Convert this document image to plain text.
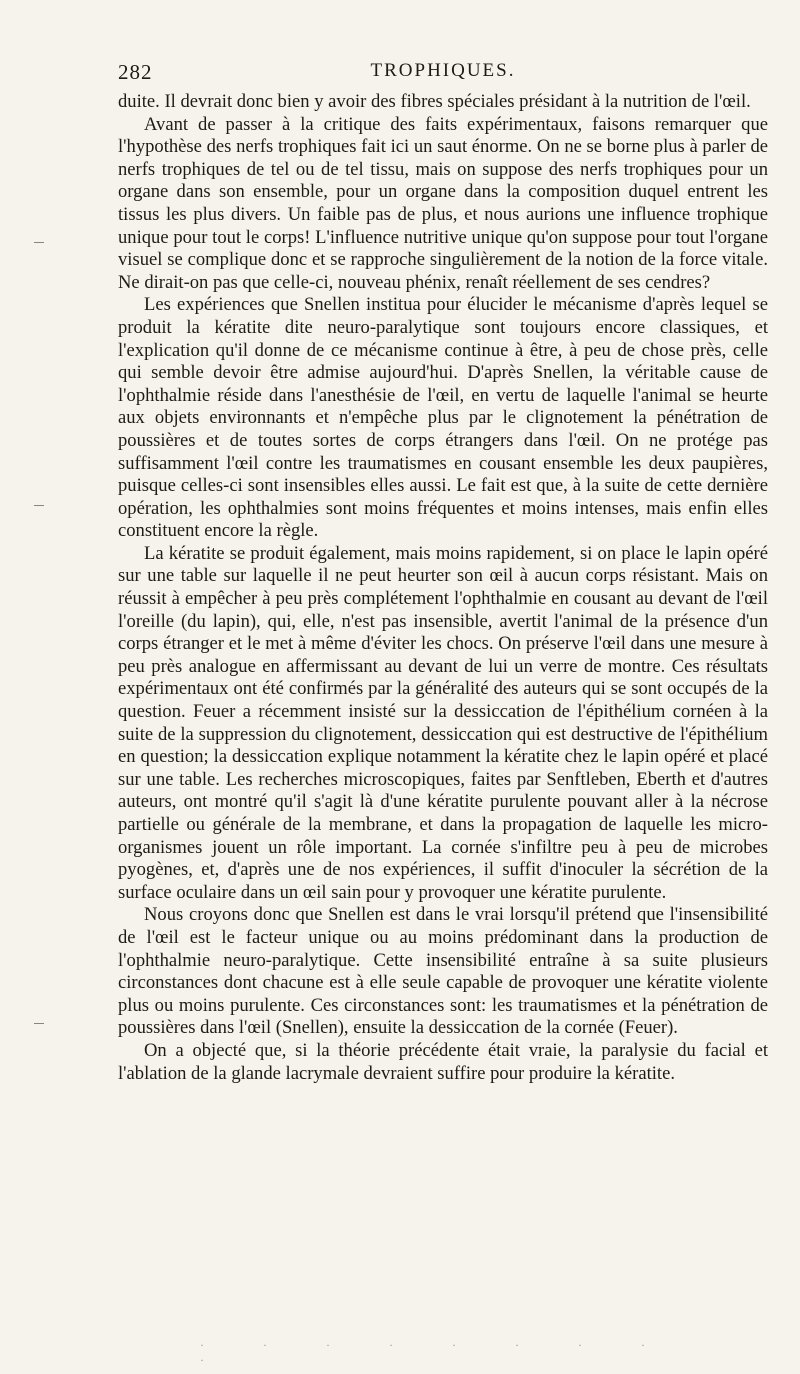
282	TROPHIQUES.

duite. Il devrait donc bien y avoir des fibres spéciales présidant à la nutrition de l'œil.

Avant de passer à la critique des faits expérimentaux, faisons remarquer que l'hypothèse des nerfs trophiques fait ici un saut énorme. On ne se borne plus à parler de nerfs trophiques de tel ou de tel tissu, mais on suppose des nerfs trophiques pour un organe dans son ensemble, pour un organe dans la composition duquel entrent les tissus les plus divers. Un faible pas de plus, et nous aurions une influence trophique unique pour tout le corps! L'influence nutritive unique qu'on suppose pour tout l'organe visuel se complique donc et se rapproche singulièrement de la notion de la force vitale. Ne dirait-on pas que celle-ci, nouveau phénix, renaît réellement de ses cendres?

Les expériences que Snellen institua pour élucider le mécanisme d'après lequel se produit la kératite dite neuro-paralytique sont toujours encore classiques, et l'explication qu'il donne de ce mécanisme continue à être, à peu de chose près, celle qui semble devoir être admise aujourd'hui. D'après Snellen, la véritable cause de l'ophthalmie réside dans l'anesthésie de l'œil, en vertu de laquelle l'animal se heurte aux objets environnants et n'empêche plus par le clignotement la pénétration de poussières et de toutes sortes de corps étrangers dans l'œil. On ne protége pas suffisamment l'œil contre les traumatismes en cousant ensemble les deux paupières, puisque celles-ci sont insensibles elles aussi. Le fait est que, à la suite de cette dernière opération, les ophthalmies sont moins fréquentes et moins intenses, mais enfin elles constituent encore la règle.

La kératite se produit également, mais moins rapidement, si on place le lapin opéré sur une table sur laquelle il ne peut heurter son œil à aucun corps résistant. Mais on réussit à empêcher à peu près complétement l'ophthalmie en cousant au devant de l'œil l'oreille (du lapin), qui, elle, n'est pas insensible, avertit l'animal de la présence d'un corps étranger et le met à même d'éviter les chocs. On préserve l'œil dans une mesure à peu près analogue en affermissant au devant de lui un verre de montre. Ces résultats expérimentaux ont été confirmés par la généralité des auteurs qui se sont occupés de la question. Feuer a récemment insisté sur la dessiccation de l'épithélium cornéen à la suite de la suppression du clignotement, dessiccation qui est destructive de l'épithélium en question; la dessiccation explique notamment la kératite chez le lapin opéré et placé sur une table. Les recherches microscopiques, faites par Senftleben, Eberth et d'autres auteurs, ont montré qu'il s'agit là d'une kératite purulente pouvant aller à la nécrose partielle ou générale de la membrane, et dans la propagation de laquelle les micro-organismes jouent un rôle important. La cornée s'infiltre peu à peu de microbes pyogènes, et, d'après une de nos expériences, il suffit d'inoculer la sécrétion de la surface oculaire dans un œil sain pour y provoquer une kératite purulente.

Nous croyons donc que Snellen est dans le vrai lorsqu'il prétend que l'insensibilité de l'œil est le facteur unique ou au moins prédominant dans la production de l'ophthalmie neuro-paralytique. Cette insensibilité entraîne à sa suite plusieurs circonstances dont chacune est à elle seule capable de provoquer une kératite violente plus ou moins purulente. Ces circonstances sont: les traumatismes et la pénétration de poussières dans l'œil (Snellen), ensuite la dessiccation de la cornée (Feuer).

On a objecté que, si la théorie précédente était vraie, la paralysie du facial et l'ablation de la glande lacrymale devraient suffire pour produire la kératite.

· · · · · · · · ·
